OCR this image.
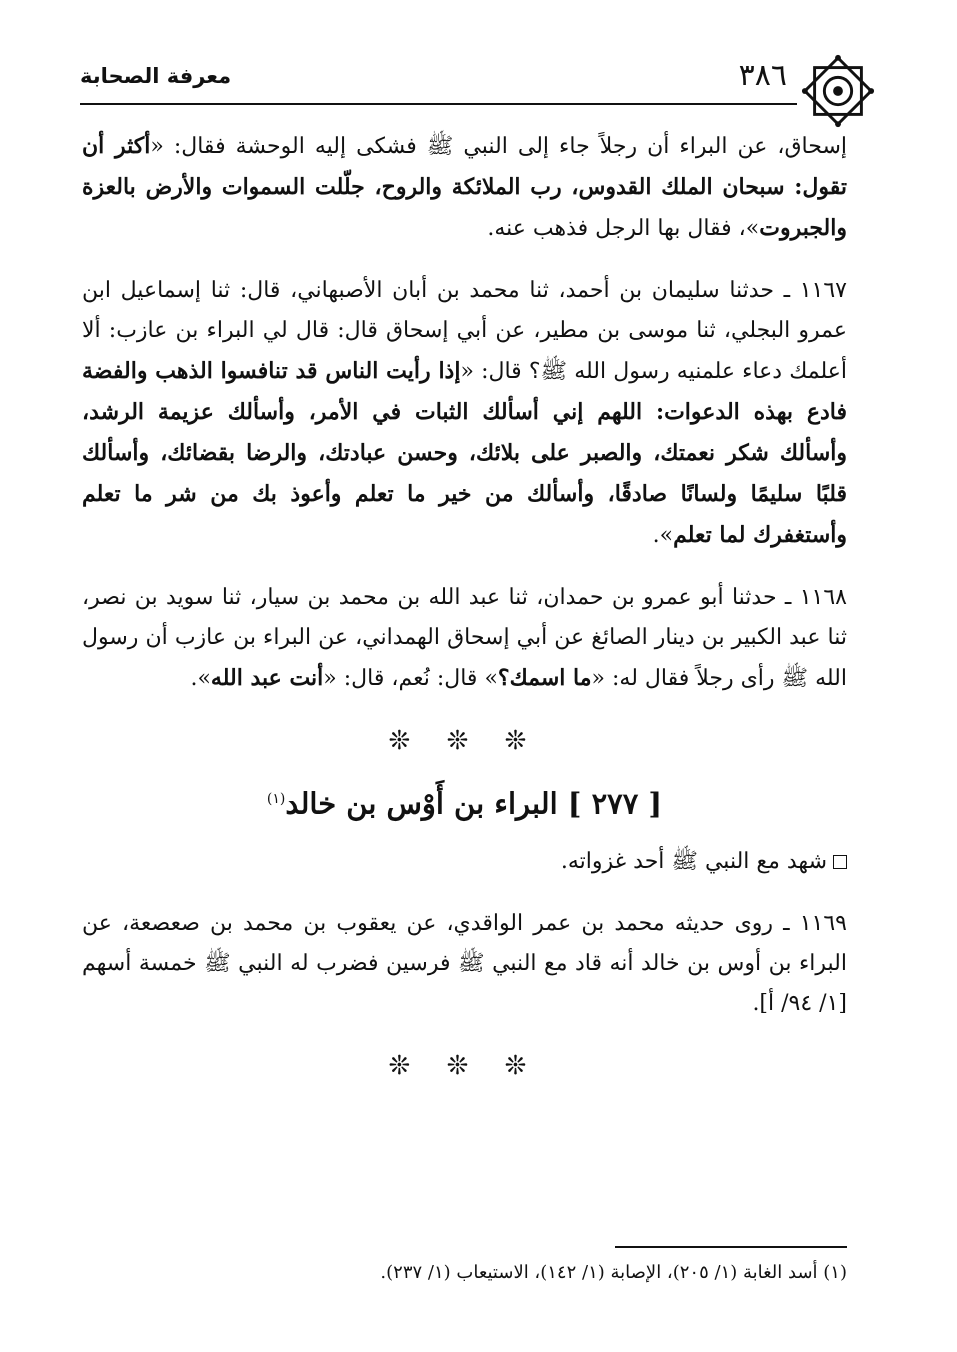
معرفة الصحابة	٣٨٦

إسحاق، عن البراء أن رجلاً جاء إلى النبي ﷺ فشكى إليه الوحشة فقال: «أكثر أن تقول: سبحان الملك القدوس، رب الملائكة والروح، جلّلت السموات والأرض بالعزة والجبروت»، فقال بها الرجل فذهب عنه.

١١٦٧ ـ حدثنا سليمان بن أحمد، ثنا محمد بن أبان الأصبهاني، قال: ثنا إسماعيل ابن عمرو البجلي، ثنا موسى بن مطير، عن أبي إسحاق قال: قال لي البراء بن عازب: ألا أعلمك دعاء علمنيه رسول الله ﷺ؟ قال: «إذا رأيت الناس قد تنافسوا الذهب والفضة فادع بهذه الدعوات: اللهم إني أسألك الثبات في الأمر، وأسألك عزيمة الرشد، وأسألك شكر نعمتك، والصبر على بلائك، وحسن عبادتك، والرضا بقضائك، وأسألك قلبًا سليمًا ولسانًا صادقًا، وأسألك من خير ما تعلم وأعوذ بك من شر ما تعلم وأستغفرك لما تعلم».

١١٦٨ ـ حدثنا أبو عمرو بن حمدان، ثنا عبد الله بن محمد بن سيار، ثنا سويد بن نصر، ثنا عبد الكبير بن دينار الصائغ عن أبي إسحاق الهمداني، عن البراء بن عازب أن رسول الله ﷺ رأى رجلاً فقال له: «ما اسمك؟» قال: نُعم، قال: «أنت عبد الله».

❊ ❊ ❊
[ ٢٧٧ ] البراء بن أَوْس بن خالد$^{(١)}$

شهد مع النبي ﷺ أحد غزواته.

١١٦٩ ـ روى حديثه محمد بن عمر الواقدي، عن يعقوب بن محمد بن صعصعة، عن البراء بن أوس بن خالد أنه قاد مع النبي ﷺ فرسين فضرب له النبي ﷺ خمسة أسهم [١/ ٩٤/ أ].

❊ ❊ ❊
(١) أسد الغابة (١/ ٢٠٥)، الإصابة (١/ ١٤٢)، الاستيعاب (١/ ٢٣٧).
